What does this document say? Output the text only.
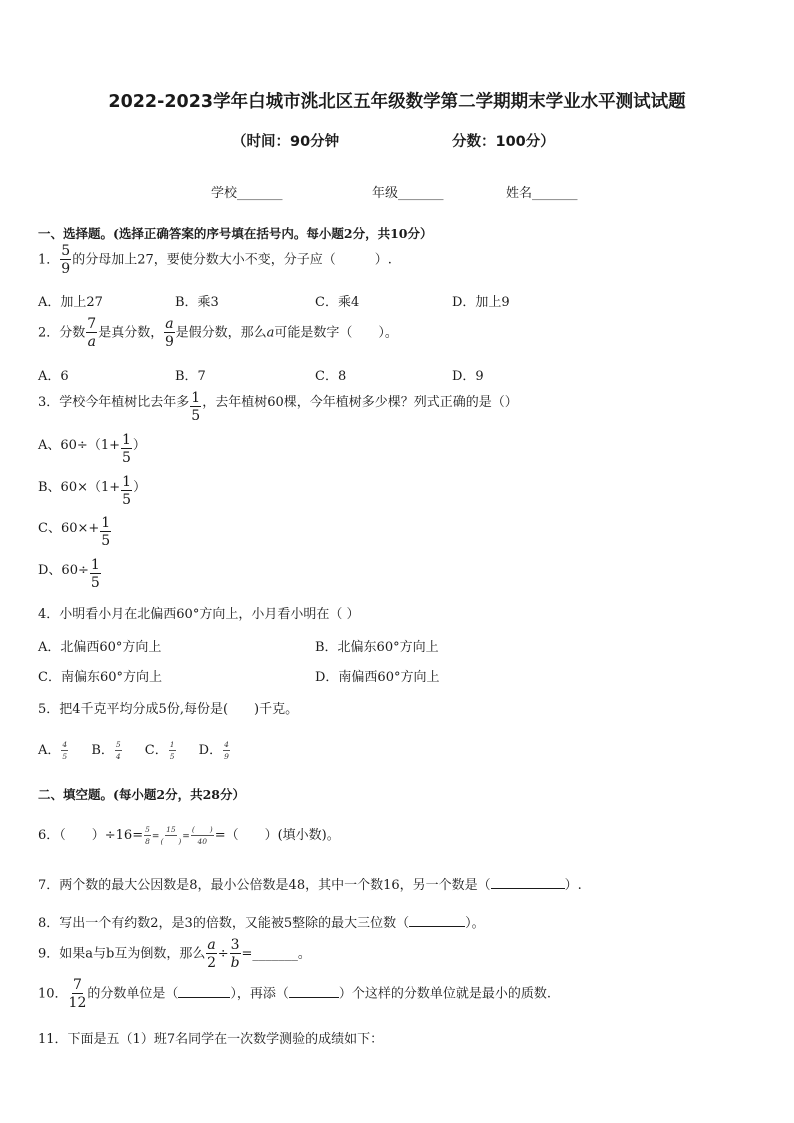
2022-2023学年白城市洮北区五年级数学第二学期期末学业水平测试试题
（时间：90分钟	分数：100分）
学校_______	年级_______	姓名_______
一、选择题。(选择正确答案的序号填在括号内。每小题2分，共10分）
1． $\frac{5}{9}$ 的分母加上27，要使分数大小不变，分子应（　　　）.
A．加上27	B．乘3	C．乘4	D．加上9
2．分数 $\frac{7}{a}$ 是真分数， $\frac{a}{9}$ 是假分数，那么a可能是数字（　　）。
A．6	B．7	C．8	D．9
3．学校今年植树比去年多 $\frac{1}{5}$ ，去年植树60棵，今年植树多少棵？列式正确的是（）
A、$60\div(1+ \frac{1}{5}$ ）
B、$60\times(1+ \frac{1}{5}$ ）
C、$60\times+ \frac{1}{5}$
D、$60\div \frac{1}{5}$
4．小明看小月在北偏西60°方向上，小月看小明在（ ）
A．北偏西60°方向上	B．北偏东60°方向上
C．南偏东60°方向上	D．南偏西60°方向上
5．把4千克平均分成5份,每份是(　　)千克。
A． $\frac{4}{5}$ B． $\frac{5}{4}$ C． $\frac{1}{5}$ D． $\frac{4}{9}$
二、填空题。(每小题2分，共28分）
6．（　　）$\div 16= \frac{5}{8} = \frac{15}{( )} = \frac{( )}{40}$ =（　　）(填小数)。
7．两个数的最大公因数是8，最小公倍数是48，其中一个数16，另一个数是（	）.
8．写出一个有约数2，是3的倍数，又能被5整除的最大三位数（	）。
9．如果a与b互为倒数，那么 $\frac{a}{2} \div \frac{3}{b}$ =_______。
10． $\frac{7}{12}$ 的分数单位是（	），再添（	）个这样的分数单位就是最小的质数.
11．下面是五（1）班7名同学在一次数学测验的成绩如下：
